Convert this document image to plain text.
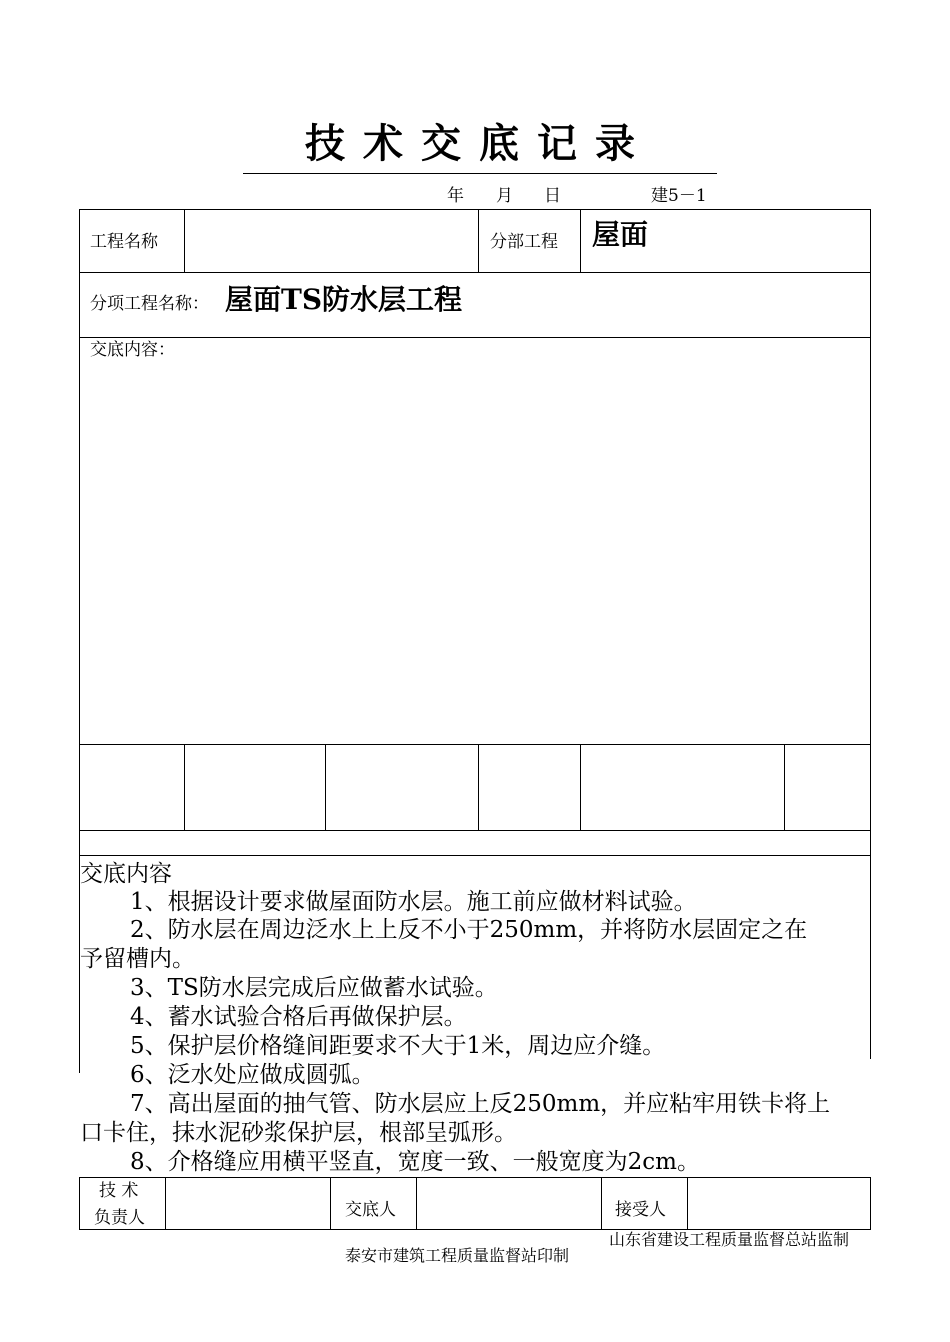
技术交底记录
年 月 日	建5－1
工程名称	分部工程 屋面
分项工程名称： 屋面TS防水层工程
交底内容：
交底内容
1、根据设计要求做屋面防水层。施工前应做材料试验。
2、防水层在周边泛水上上反不小于250mm，并将防水层固定之在
予留槽内。
3、TS防水层完成后应做蓄水试验。
4、蓄水试验合格后再做保护层。
5、保护层价格缝间距要求不大于1米，周边应介缝。
6、泛水处应做成圆弧。
7、高出屋面的抽气管、防水层应上反250mm，并应粘牢用铁卡将上
口卡住，抹水泥砂浆保护层，根部呈弧形。
8、介格缝应用横平竖直，宽度一致、一般宽度为2cm。
技 术
负责人	交底人	接受人
山东省建设工程质量监督总站监制
泰安市建筑工程质量监督站印制
